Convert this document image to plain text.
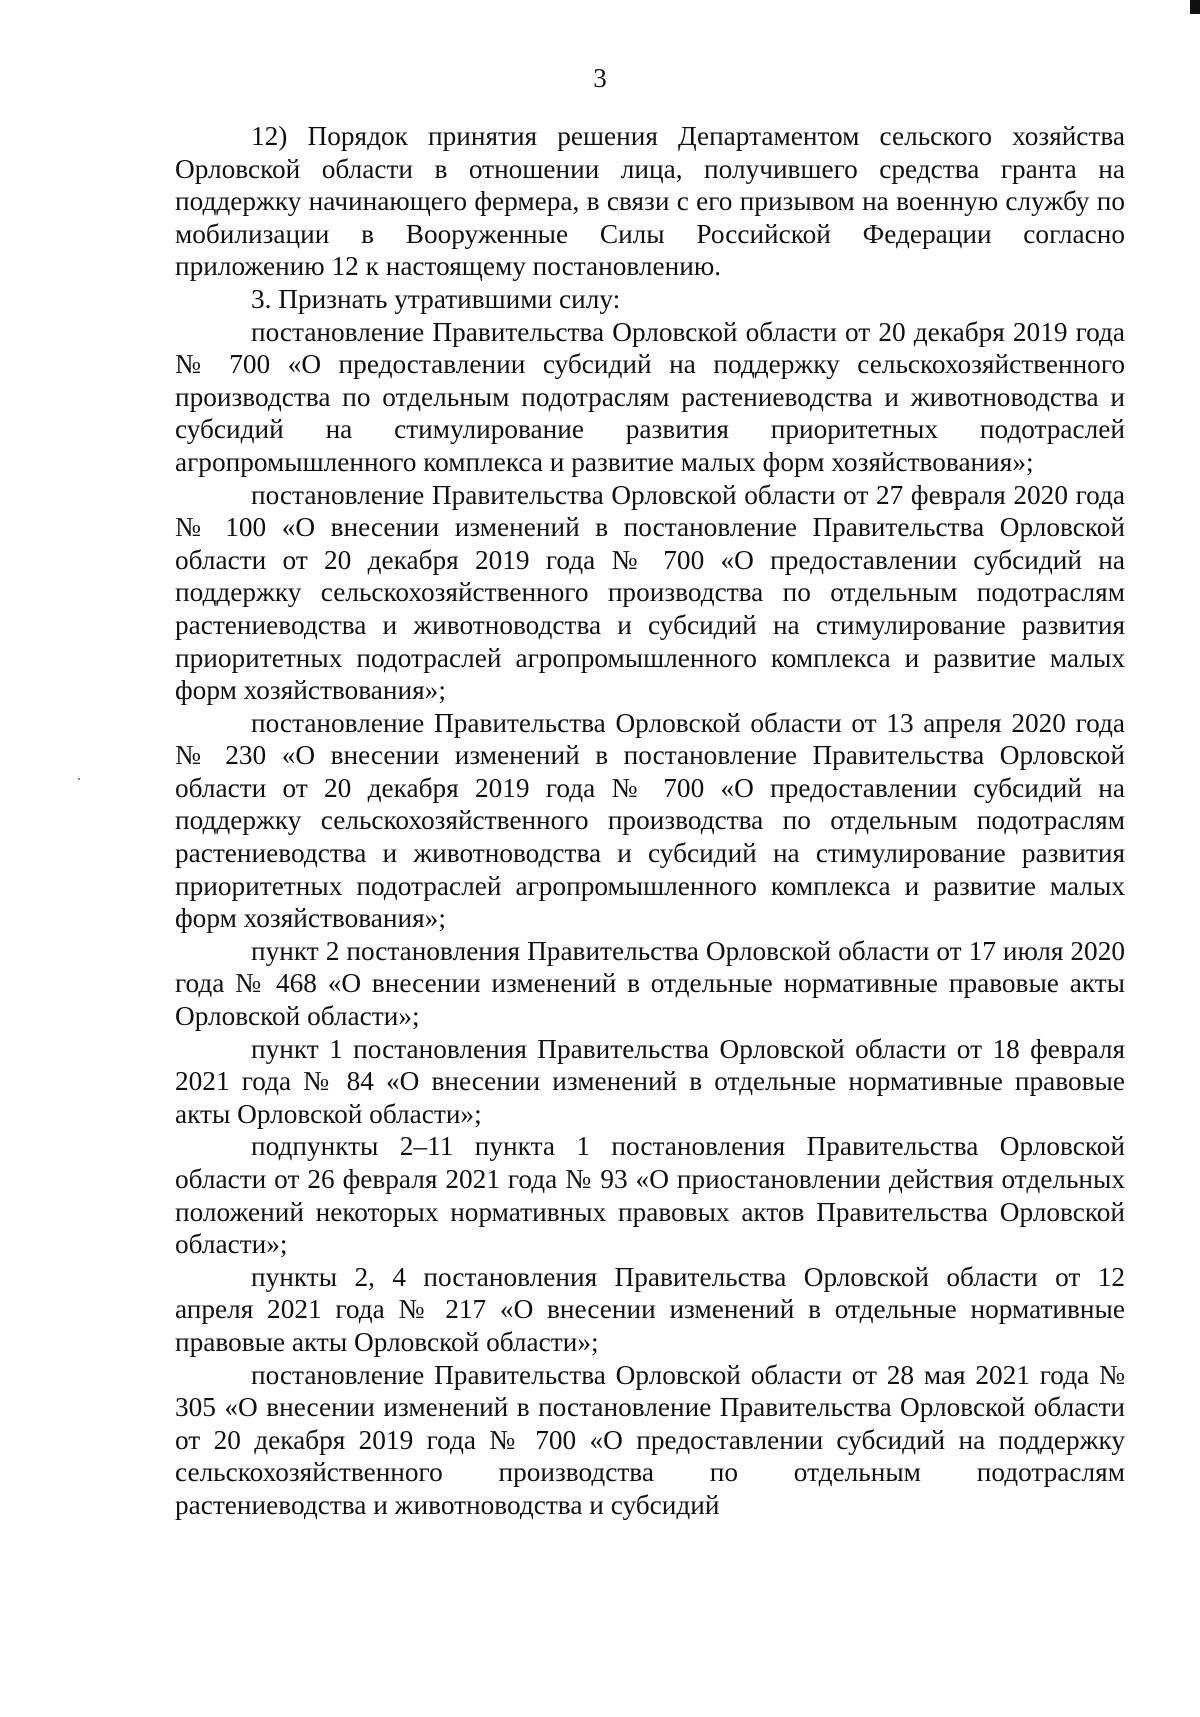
3

12) Порядок принятия решения Департаментом сельского хозяйства Орловской области в отношении лица, получившего средства гранта на поддержку начинающего фермера, в связи с его призывом на военную службу по мобилизации в Вооруженные Силы Российской Федерации согласно приложению 12 к настоящему постановлению.

3. Признать утратившими силу:

постановление Правительства Орловской области от 20 декабря 2019 года № 700 «О предоставлении субсидий на поддержку сельскохозяйственного производства по отдельным подотраслям растениеводства и животноводства и субсидий на стимулирование развития приоритетных подотраслей агропромышленного комплекса и развитие малых форм хозяйствования»;

постановление Правительства Орловской области от 27 февраля 2020 года № 100 «О внесении изменений в постановление Правительства Орловской области от 20 декабря 2019 года № 700 «О предоставлении субсидий на поддержку сельскохозяйственного производства по отдельным подотраслям растениеводства и животноводства и субсидий на стимулирование развития приоритетных подотраслей агропромышленного комплекса и развитие малых форм хозяйствования»;

постановление Правительства Орловской области от 13 апреля 2020 года № 230 «О внесении изменений в постановление Правительства Орловской области от 20 декабря 2019 года № 700 «О предоставлении субсидий на поддержку сельскохозяйственного производства по отдельным подотраслям растениеводства и животноводства и субсидий на стимулирование развития приоритетных подотраслей агропромышленного комплекса и развитие малых форм хозяйствования»;

пункт 2 постановления Правительства Орловской области от 17 июля 2020 года № 468 «О внесении изменений в отдельные нормативные правовые акты Орловской области»;

пункт 1 постановления Правительства Орловской области от 18 февраля 2021 года № 84 «О внесении изменений в отдельные нормативные правовые акты Орловской области»;

подпункты 2–11 пункта 1 постановления Правительства Орловской области от 26 февраля 2021 года № 93 «О приостановлении действия отдельных положений некоторых нормативных правовых актов Правительства Орловской области»;

пункты 2, 4 постановления Правительства Орловской области от 12 апреля 2021 года № 217 «О внесении изменений в отдельные нормативные правовые акты Орловской области»;

постановление Правительства Орловской области от 28 мая 2021 года № 305 «О внесении изменений в постановление Правительства Орловской области от 20 декабря 2019 года № 700 «О предоставлении субсидий на поддержку сельскохозяйственного производства по отдельным подотраслям растениеводства и животноводства и субсидий
